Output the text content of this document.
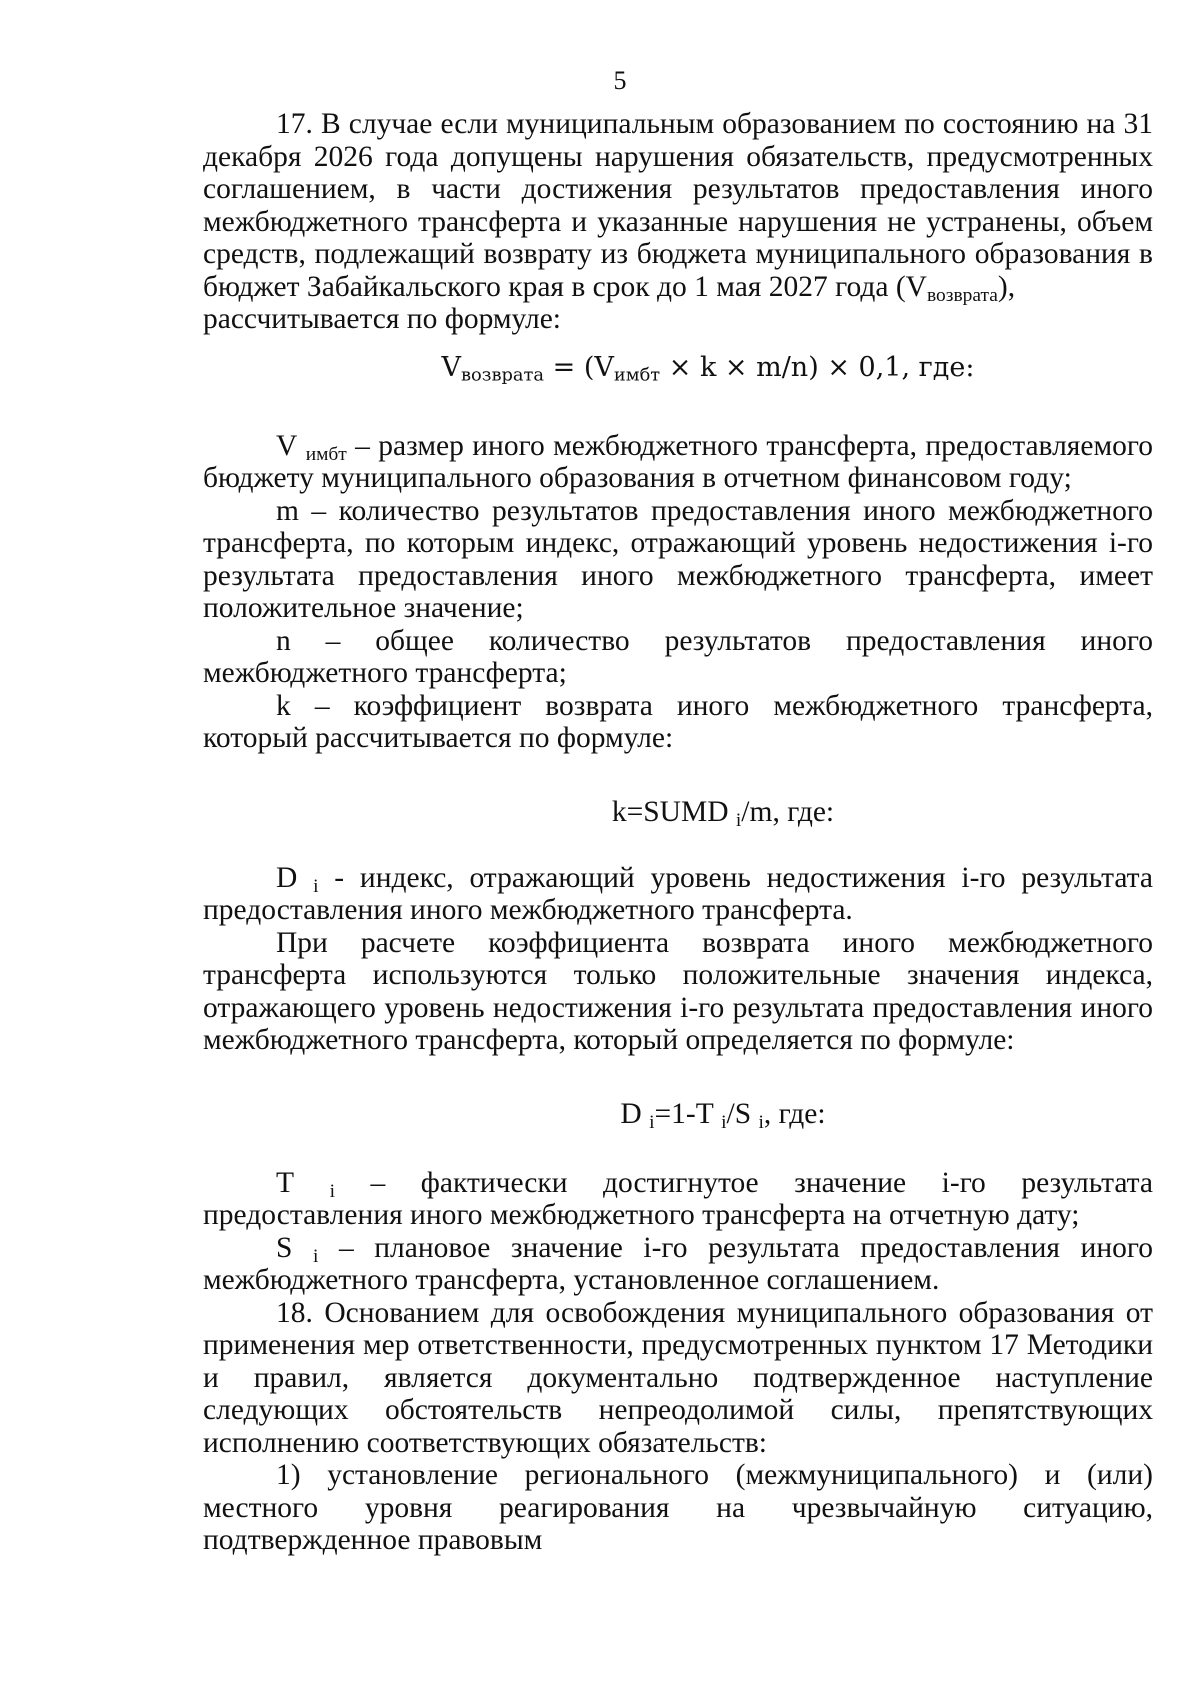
5

17. В случае если муниципальным образованием по состоянию на 31 декабря 2026 года допущены нарушения обязательств, предусмотренных соглашением, в части достижения результатов предоставления иного межбюджетного трансферта и указанные нарушения не устранены, объем средств, подлежащий возврату из бюджета муниципального образования в бюджет Забайкальского края в срок до 1 мая 2027 года $(V_{возврата})$,

рассчитывается по формуле:

$V_{возврата} = (V_{имбт} \times k \times m/n) \times 0,1$, где:

V $_{имбт}$ – размер иного межбюджетного трансферта, предоставляемого бюджету муниципального образования в отчетном финансовом году;

m – количество результатов предоставления иного межбюджетного трансферта, по которым индекс, отражающий уровень недостижения i-го результата предоставления иного межбюджетного трансферта, имеет положительное значение;

n – общее количество результатов предоставления иного межбюджетного трансферта;

k – коэффициент возврата иного межбюджетного трансферта, который рассчитывается по формуле:

k=SUMD $_i$/m, где:

D $_i$ - индекс, отражающий уровень недостижения i-го результата предоставления иного межбюджетного трансферта.

При расчете коэффициента возврата иного межбюджетного трансферта используются только положительные значения индекса, отражающего уровень недостижения i-го результата предоставления иного межбюджетного трансферта, который определяется по формуле:

D $_i$=1-T $_i$/S $_i$, где:

T $_i$ – фактически достигнутое значение i-го результата предоставления иного межбюджетного трансферта на отчетную дату;

S $_i$ – плановое значение i-го результата предоставления иного межбюджетного трансферта, установленное соглашением.

18. Основанием для освобождения муниципального образования от применения мер ответственности, предусмотренных пунктом 17 Методики и правил, является документально подтвержденное наступление следующих обстоятельств непреодолимой силы, препятствующих исполнению соответствующих обязательств:

1) установление регионального (межмуниципального) и (или) местного уровня реагирования на чрезвычайную ситуацию, подтвержденное правовым
